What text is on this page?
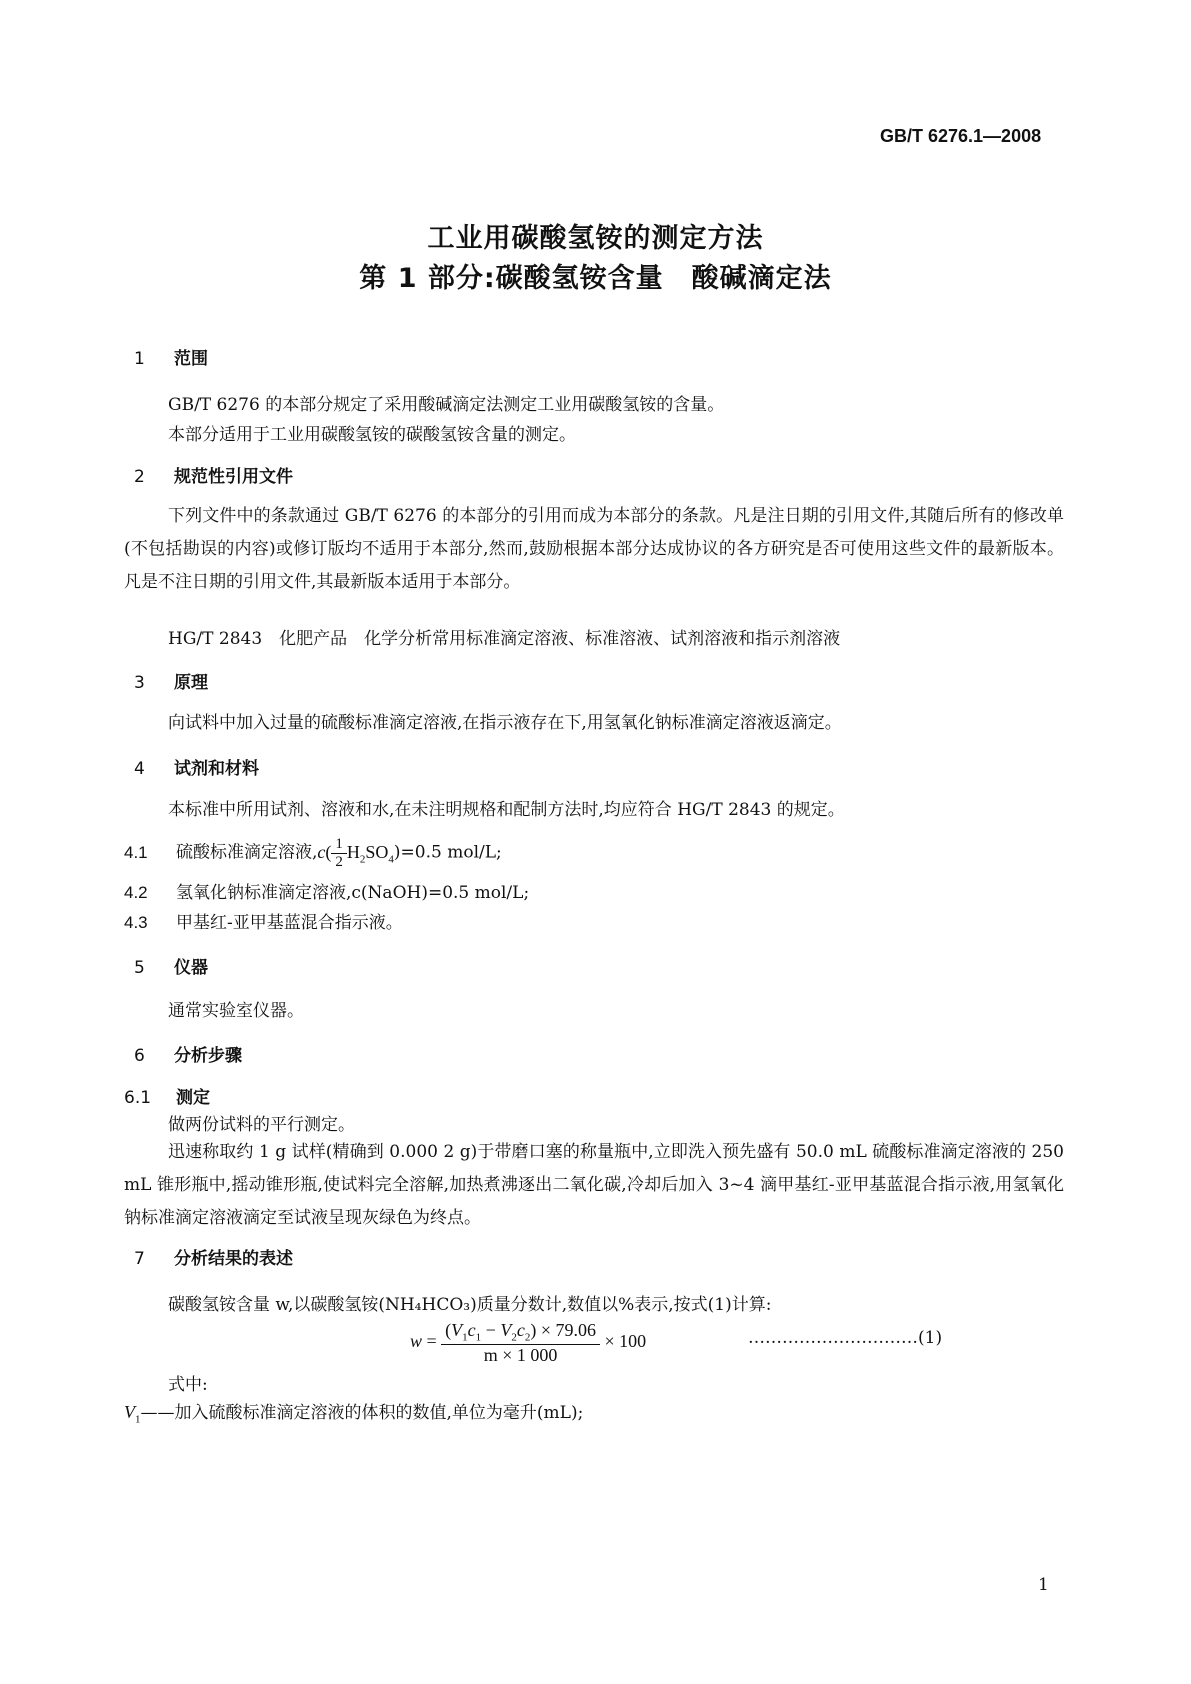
GB/T 6276.1—2008
工业用碳酸氢铵的测定方法
第 1 部分:碳酸氢铵含量　酸碱滴定法
1 范围
GB/T 6276 的本部分规定了采用酸碱滴定法测定工业用碳酸氢铵的含量。
本部分适用于工业用碳酸氢铵的碳酸氢铵含量的测定。
2 规范性引用文件
下列文件中的条款通过 GB/T 6276 的本部分的引用而成为本部分的条款。凡是注日期的引用文件,其随后所有的修改单(不包括勘误的内容)或修订版均不适用于本部分,然而,鼓励根据本部分达成协议的各方研究是否可使用这些文件的最新版本。凡是不注日期的引用文件,其最新版本适用于本部分。
HG/T 2843　化肥产品　化学分析常用标准滴定溶液、标准溶液、试剂溶液和指示剂溶液
3 原理
向试料中加入过量的硫酸标准滴定溶液,在指示液存在下,用氢氧化钠标准滴定溶液返滴定。
4 试剂和材料
本标准中所用试剂、溶液和水,在未注明规格和配制方法时,均应符合 HG/T 2843 的规定。
4.1 硫酸标准滴定溶液$,c( \frac{1}{2} H_2SO_4)=0.5$ mol/L;
4.2 氢氧化钠标准滴定溶液,c(NaOH)=0.5 mol/L;
4.3 甲基红-亚甲基蓝混合指示液。
5 仪器
通常实验室仪器。
6 分析步骤
6.1 测定
做两份试料的平行测定。
迅速称取约 1 g 试样(精确到 0.000 2 g)于带磨口塞的称量瓶中,立即洗入预先盛有 50.0 mL 硫酸标准滴定溶液的 250 mL 锥形瓶中,摇动锥形瓶,使试料完全溶解,加热煮沸逐出二氧化碳,冷却后加入 3~4 滴甲基红-亚甲基蓝混合指示液,用氢氧化钠标准滴定溶液滴定至试液呈现灰绿色为终点。
7 分析结果的表述
碳酸氢铵含量 w,以碳酸氢铵(NH₄HCO₃)质量分数计,数值以%表示,按式(1)计算:
$w = \frac{(V_1c_1 - V_2c_2) \times 79.06}{m \times 1 000} \times 100$	…………………………(1)
式中:
$V_1——$加入硫酸标准滴定溶液的体积的数值,单位为毫升(mL);
1
